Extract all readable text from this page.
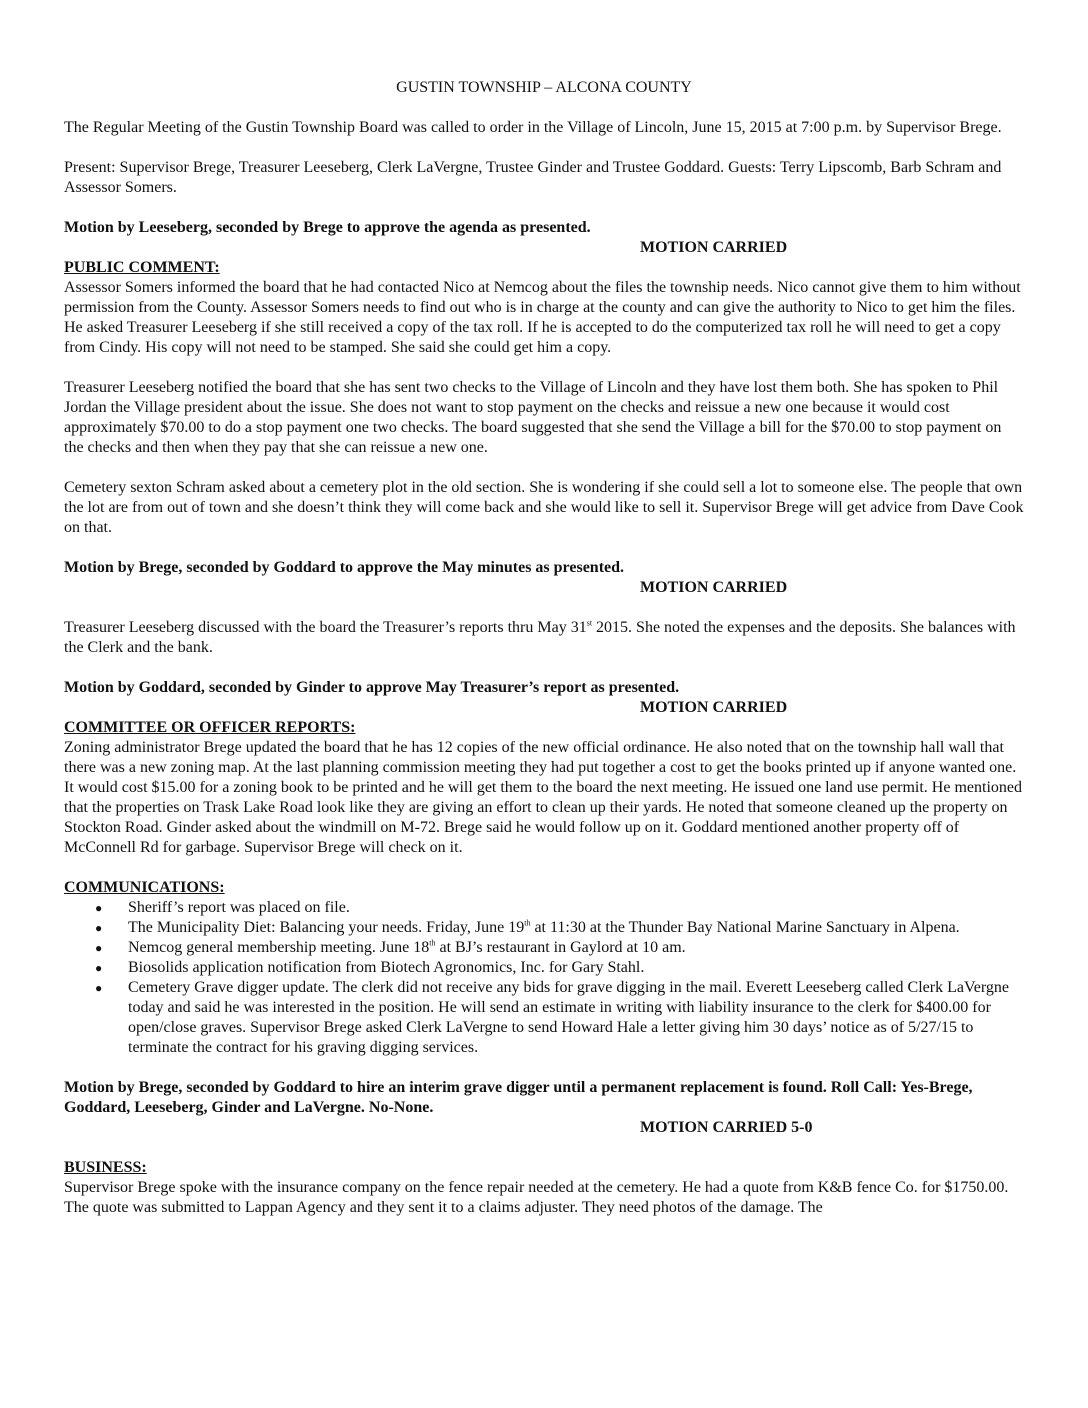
GUSTIN TOWNSHIP – ALCONA COUNTY

The Regular Meeting of the Gustin Township Board was called to order in the Village of Lincoln, June 15, 2015 at 7:00 p.m. by Supervisor Brege.

Present: Supervisor Brege, Treasurer Leeseberg, Clerk LaVergne, Trustee Ginder and Trustee Goddard. Guests: Terry Lipscomb, Barb Schram and Assessor Somers.

Motion by Leeseberg, seconded by Brege to approve the agenda as presented.
MOTION CARRIED
PUBLIC COMMENT:

Assessor Somers informed the board that he had contacted Nico at Nemcog about the files the township needs. Nico cannot give them to him without permission from the County. Assessor Somers needs to find out who is in charge at the county and can give the authority to Nico to get him the files. He asked Treasurer Leeseberg if she still received a copy of the tax roll. If he is accepted to do the computerized tax roll he will need to get a copy from Cindy. His copy will not need to be stamped. She said she could get him a copy.

Treasurer Leeseberg notified the board that she has sent two checks to the Village of Lincoln and they have lost them both. She has spoken to Phil Jordan the Village president about the issue. She does not want to stop payment on the checks and reissue a new one because it would cost approximately $70.00 to do a stop payment one two checks. The board suggested that she send the Village a bill for the $70.00 to stop payment on the checks and then when they pay that she can reissue a new one.

Cemetery sexton Schram asked about a cemetery plot in the old section. She is wondering if she could sell a lot to someone else. The people that own the lot are from out of town and she doesn’t think they will come back and she would like to sell it. Supervisor Brege will get advice from Dave Cook on that.

Motion by Brege, seconded by Goddard to approve the May minutes as presented.
MOTION CARRIED

Treasurer Leeseberg discussed with the board the Treasurer’s reports thru May 31st 2015. She noted the expenses and the deposits. She balances with the Clerk and the bank.

Motion by Goddard, seconded by Ginder to approve May Treasurer’s report as presented.
MOTION CARRIED
COMMITTEE OR OFFICER REPORTS:

Zoning administrator Brege updated the board that he has 12 copies of the new official ordinance. He also noted that on the township hall wall that there was a new zoning map. At the last planning commission meeting they had put together a cost to get the books printed up if anyone wanted one. It would cost $15.00 for a zoning book to be printed and he will get them to the board the next meeting. He issued one land use permit. He mentioned that the properties on Trask Lake Road look like they are giving an effort to clean up their yards. He noted that someone cleaned up the property on Stockton Road. Ginder asked about the windmill on M-72. Brege said he would follow up on it. Goddard mentioned another property off of McConnell Rd for garbage. Supervisor Brege will check on it.

COMMUNICATIONS:
● Sheriff’s report was placed on file.
● The Municipality Diet: Balancing your needs. Friday, June 19th at 11:30 at the Thunder Bay National Marine Sanctuary in Alpena.
● Nemcog general membership meeting. June 18th at BJ’s restaurant in Gaylord at 10 am.
● Biosolids application notification from Biotech Agronomics, Inc. for Gary Stahl.
● Cemetery Grave digger update. The clerk did not receive any bids for grave digging in the mail. Everett Leeseberg called Clerk LaVergne today and said he was interested in the position. He will send an estimate in writing with liability insurance to the clerk for $400.00 for open/close graves. Supervisor Brege asked Clerk LaVergne to send Howard Hale a letter giving him 30 days’ notice as of 5/27/15 to terminate the contract for his graving digging services.
Motion by Brege, seconded by Goddard to hire an interim grave digger until a permanent replacement is found. Roll Call: Yes-Brege, Goddard, Leeseberg, Ginder and LaVergne. No-None.
MOTION CARRIED 5-0
BUSINESS:

Supervisor Brege spoke with the insurance company on the fence repair needed at the cemetery. He had a quote from K&B fence Co. for $1750.00. The quote was submitted to Lappan Agency and they sent it to a claims adjuster. They need photos of the damage. The
